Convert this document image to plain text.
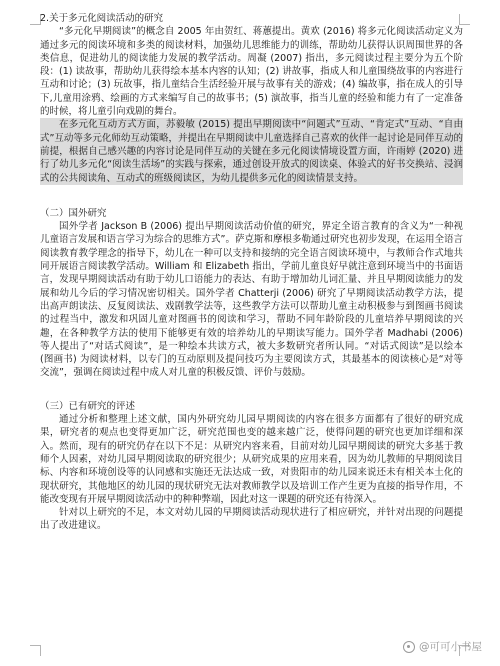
2.关于多元化阅读活动的研究

“多元化早期阅读”的概念自 2005 年由贺红、蒋蕙提出。黄欢 (2016) 将多元化阅读活动定义为通过多元的阅读环境和多类的阅读材料，加强幼儿思维能力的训练，帮助幼儿获得认识周围世界的各类信息，促进幼儿的阅读能力发展的教学活动。周凝 (2007) 指出，多元阅读过程主要分为五个阶段：(1) 读故事，帮助幼儿获得绘本基本内容的认知；(2) 讲故事，指成人和儿童围绕故事的内容进行互动和讨论；(3) 玩故事，指儿童结合生活经验开展与故事有关的游戏；(4) 编故事，指在成人的引导下,儿童用涂鸦、绘画的方式来编写自己的故事书；(5) 演故事，指当儿童的经验和能力有了一定准备的时候，将儿童引向戏剧的舞台。

在多元化互动方式方面，苏毅敏 (2015) 提出早期阅读中“问题式”互动、“肯定式”互动、“自由式”互动等多元化师幼互动策略，并提出在早期阅读中儿童选择自己喜欢的伙伴一起讨论是同伴互动的前提，根据自己感兴趣的内容讨论是同伴互动的关键在多元化阅读情境设置方面，许雨婷 (2020) 进行了幼儿多元化“阅读生活场”的实践与探索，通过创设开放式的阅读桌、体验式的好书交换站、浸润式的公共阅读角、互动式的班级阅读区，为幼儿提供多元化的阅读情景支持。

（二）国外研究

国外学者 Jackson B (2006) 提出早期阅读活动价值的研究，界定全语言教育的含义为“一种视儿童语言发展和语言学习为综合的思维方式”。萨克斯和摩根多勒通过研究也初步发现，在运用全语言阅读教育教学理念的指导下，幼儿在一种可以支持和接纳的完全语言阅读环境中，与教师合作式地共同开展语言阅读教学活动。William 和 Elizabeth 指出，学前儿童良好早就注意到环境当中的书面语言，发现早期阅读活动有助于幼儿口语能力的表达、有助于增加幼儿词汇量、并且早期阅读能力的发展和幼儿今后的学习情况密切相关。国外学者 Chatterji (2006) 研究了早期阅读活动教学方法，提出高声朗读法、反复阅读法、戏剧教学法等，这些教学方法可以帮助儿童主动积极参与到图画书阅读的过程当中，激发和巩固儿童对图画书的阅读和学习，帮助不同年龄阶段的儿童培养早期阅读的兴趣，在各种教学方法的使用下能够更有效的培养幼儿的早期读写能力。国外学者 Madhabi (2006) 等人提出了“对话式阅读”，是一种绘本共读方式，被大多数研究者所认同。“对话式阅读”是以绘本 (图画书) 为阅读材料，以专门的互动原则及提问技巧为主要阅读方式，其最基本的阅读核心是“对等交流”，强调在阅读过程中成人对儿童的积极反馈、评价与鼓励。

（三）已有研究的评述

通过分析和整理上述文献，国内外研究幼儿园早期阅读的内容在很多方面都有了很好的研究成果，研究者的观点也变得更加广泛，研究范围也变的越来越广泛，使得问题的研究也更加详细和深入。然而，现有的研究仍存在以下不足：从研究内容来看，目前对幼儿园早期阅读的研究大多基于教师个人因素，对幼儿园早期阅读取的研究很少；从研究成果的应用来看，因为幼儿教师的早期阅读目标、内容和环境创设等的认同感和实施还无法达成一致，对贵阳市的幼儿园来说还未有相关本土化的现状研究，其他地区的幼儿园的现状研究无法对教师教学以及培训工作产生更为直接的指导作用，不能改变现有开展早期阅读活动中的种种弊端，因此对这一课题的研究还有待深入。

针对以上研究的不足，本文对幼儿园的早期阅读活动现状进行了相应研究，并针对出现的问题提出了改进建议。

@可可小书屋
